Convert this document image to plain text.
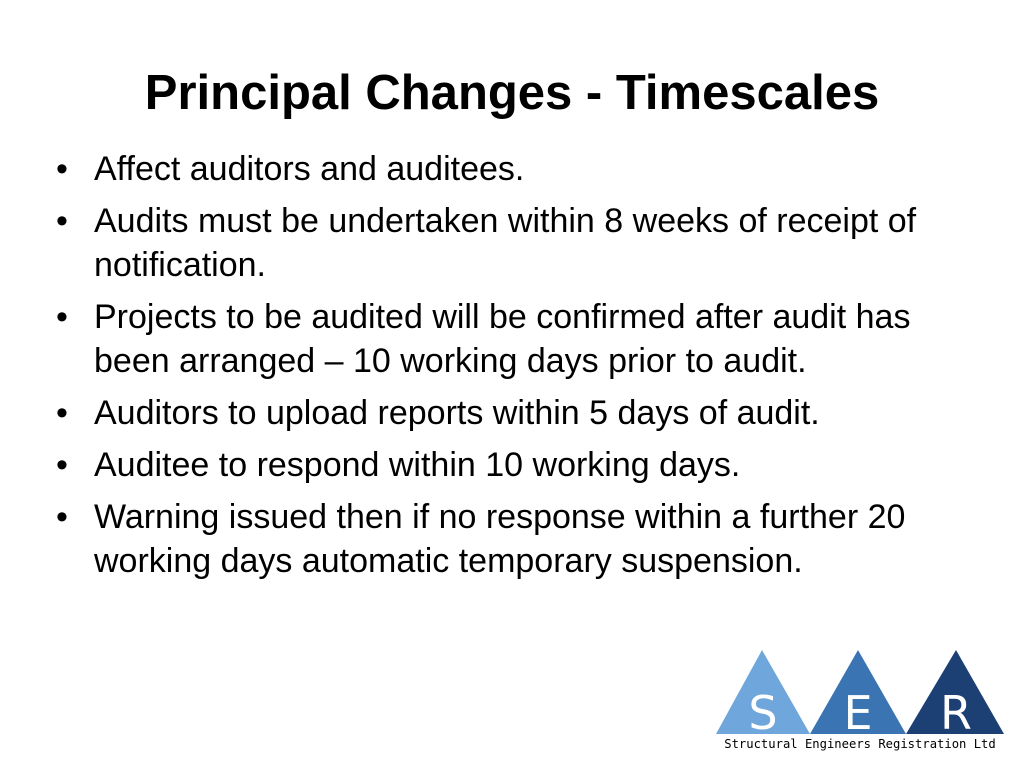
Principal Changes - Timescales
• Affect auditors and auditees.
• Audits must be undertaken within 8 weeks of receipt of notification.
• Projects to be audited will be confirmed after audit has been arranged – 10 working days prior to audit.
• Auditors to upload reports within 5 days of audit.
• Auditee to respond within 10 working days.
• Warning issued then if no response within a further 20 working days automatic temporary suspension.
S E R
Structural Engineers Registration Ltd
